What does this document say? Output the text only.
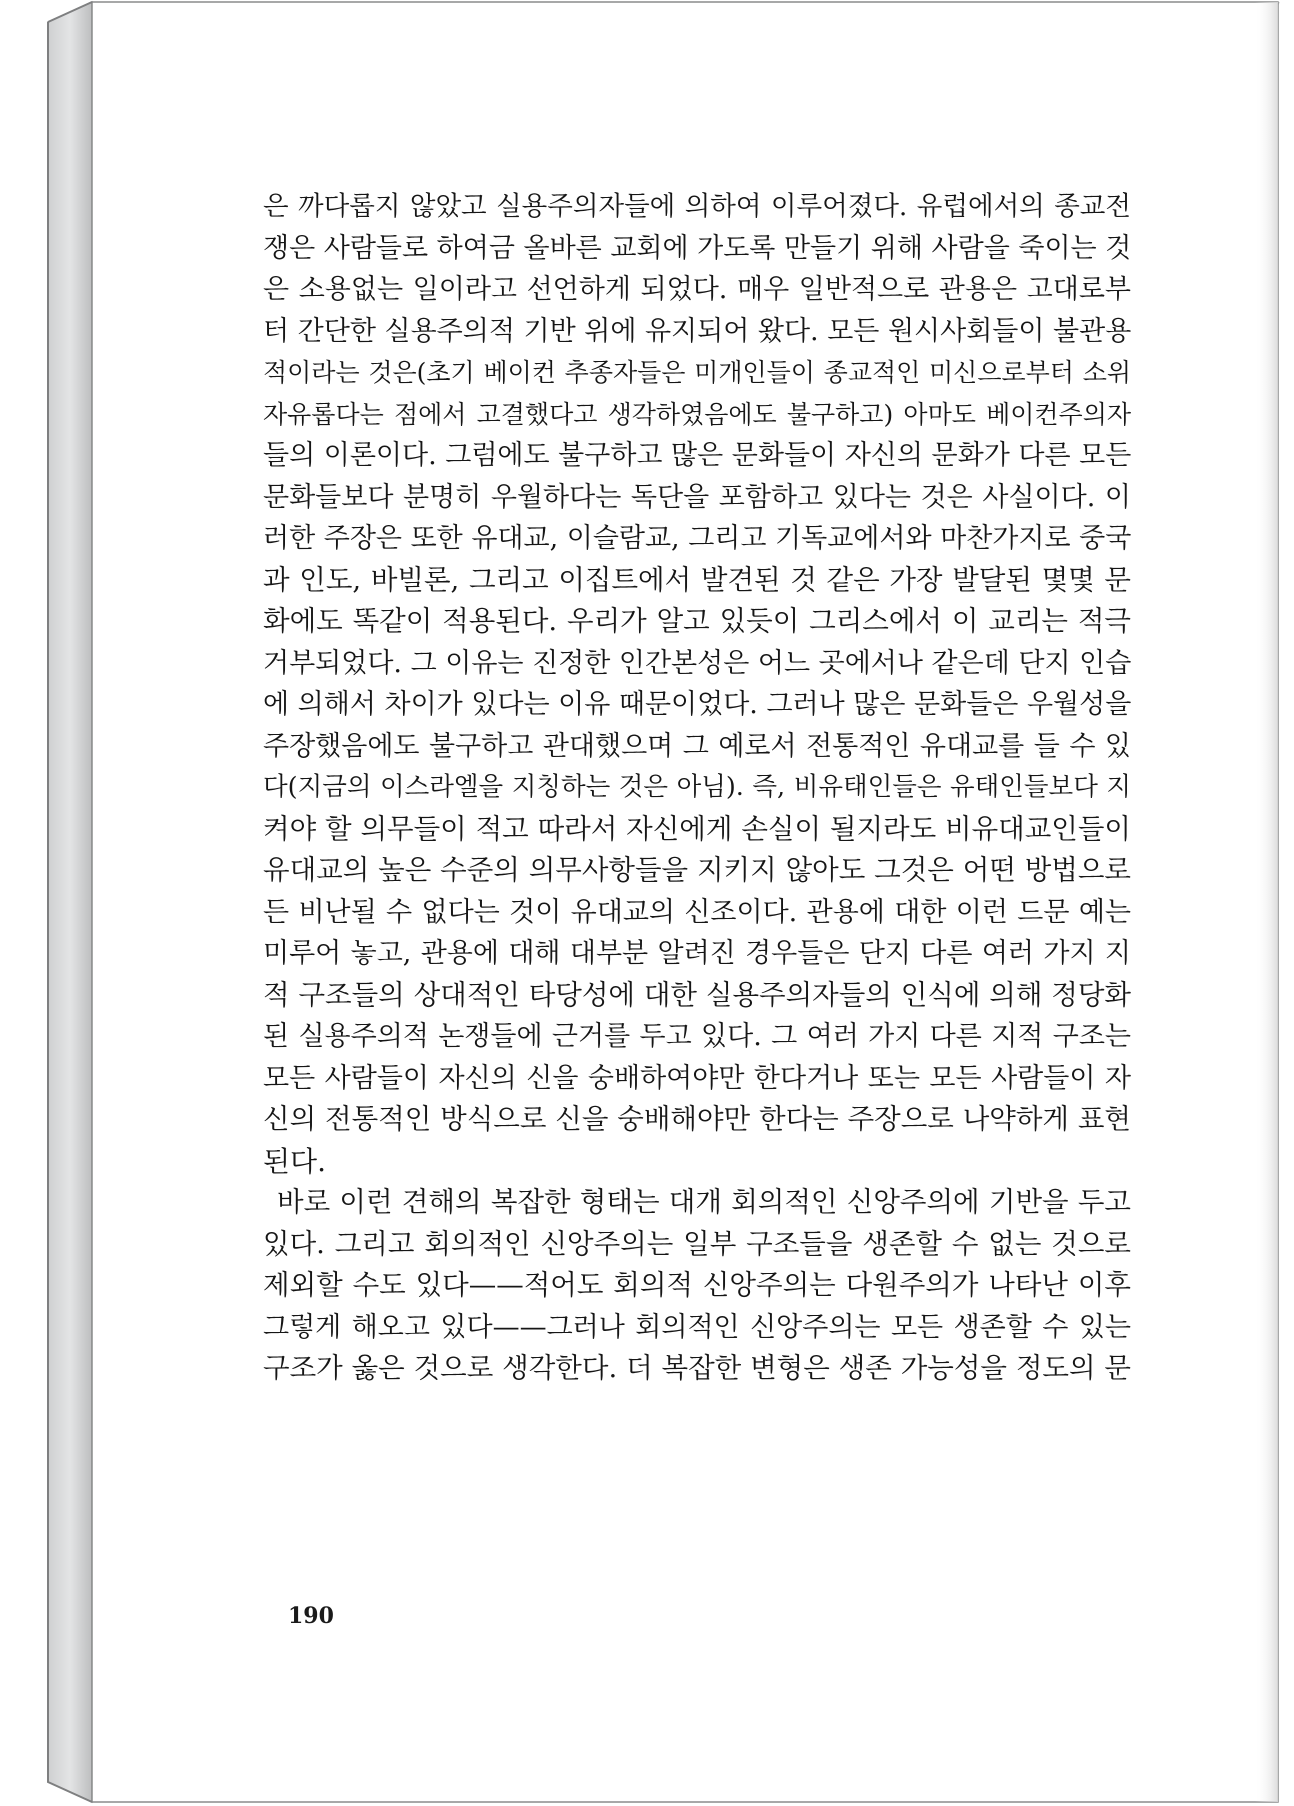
은 까다롭지 않았고 실용주의자들에 의하여 이루어졌다. 유럽에서의 종교전
쟁은 사람들로 하여금 올바른 교회에 가도록 만들기 위해 사람을 죽이는 것
은 소용없는 일이라고 선언하게 되었다. 매우 일반적으로 관용은 고대로부
터 간단한 실용주의적 기반 위에 유지되어 왔다. 모든 원시사회들이 불관용
적이라는 것은(초기 베이컨 추종자들은 미개인들이 종교적인 미신으로부터 소위
자유롭다는 점에서 고결했다고 생각하였음에도 불구하고) 아마도 베이컨주의자
들의 이론이다. 그럼에도 불구하고 많은 문화들이 자신의 문화가 다른 모든
문화들보다 분명히 우월하다는 독단을 포함하고 있다는 것은 사실이다. 이
러한 주장은 또한 유대교, 이슬람교, 그리고 기독교에서와 마찬가지로 중국
과 인도, 바빌론, 그리고 이집트에서 발견된 것 같은 가장 발달된 몇몇 문
화에도 똑같이 적용된다. 우리가 알고 있듯이 그리스에서 이 교리는 적극
거부되었다. 그 이유는 진정한 인간본성은 어느 곳에서나 같은데 단지 인습
에 의해서 차이가 있다는 이유 때문이었다. 그러나 많은 문화들은 우월성을
주장했음에도 불구하고 관대했으며 그 예로서 전통적인 유대교를 들 수 있
다(지금의 이스라엘을 지칭하는 것은 아님). 즉, 비유태인들은 유태인들보다 지
켜야 할 의무들이 적고 따라서 자신에게 손실이 될지라도 비유대교인들이
유대교의 높은 수준의 의무사항들을 지키지 않아도 그것은 어떤 방법으로
든 비난될 수 없다는 것이 유대교의 신조이다. 관용에 대한 이런 드문 예는
미루어 놓고, 관용에 대해 대부분 알려진 경우들은 단지 다른 여러 가지 지
적 구조들의 상대적인 타당성에 대한 실용주의자들의 인식에 의해 정당화
된 실용주의적 논쟁들에 근거를 두고 있다. 그 여러 가지 다른 지적 구조는
모든 사람들이 자신의 신을 숭배하여야만 한다거나 또는 모든 사람들이 자
신의 전통적인 방식으로 신을 숭배해야만 한다는 주장으로 나약하게 표현
된다.
바로 이런 견해의 복잡한 형태는 대개 회의적인 신앙주의에 기반을 두고
있다. 그리고 회의적인 신앙주의는 일부 구조들을 생존할 수 없는 것으로
제외할 수도 있다——적어도 회의적 신앙주의는 다원주의가 나타난 이후
그렇게 해오고 있다——그러나 회의적인 신앙주의는 모든 생존할 수 있는
구조가 옳은 것으로 생각한다. 더 복잡한 변형은 생존 가능성을 정도의 문
190
